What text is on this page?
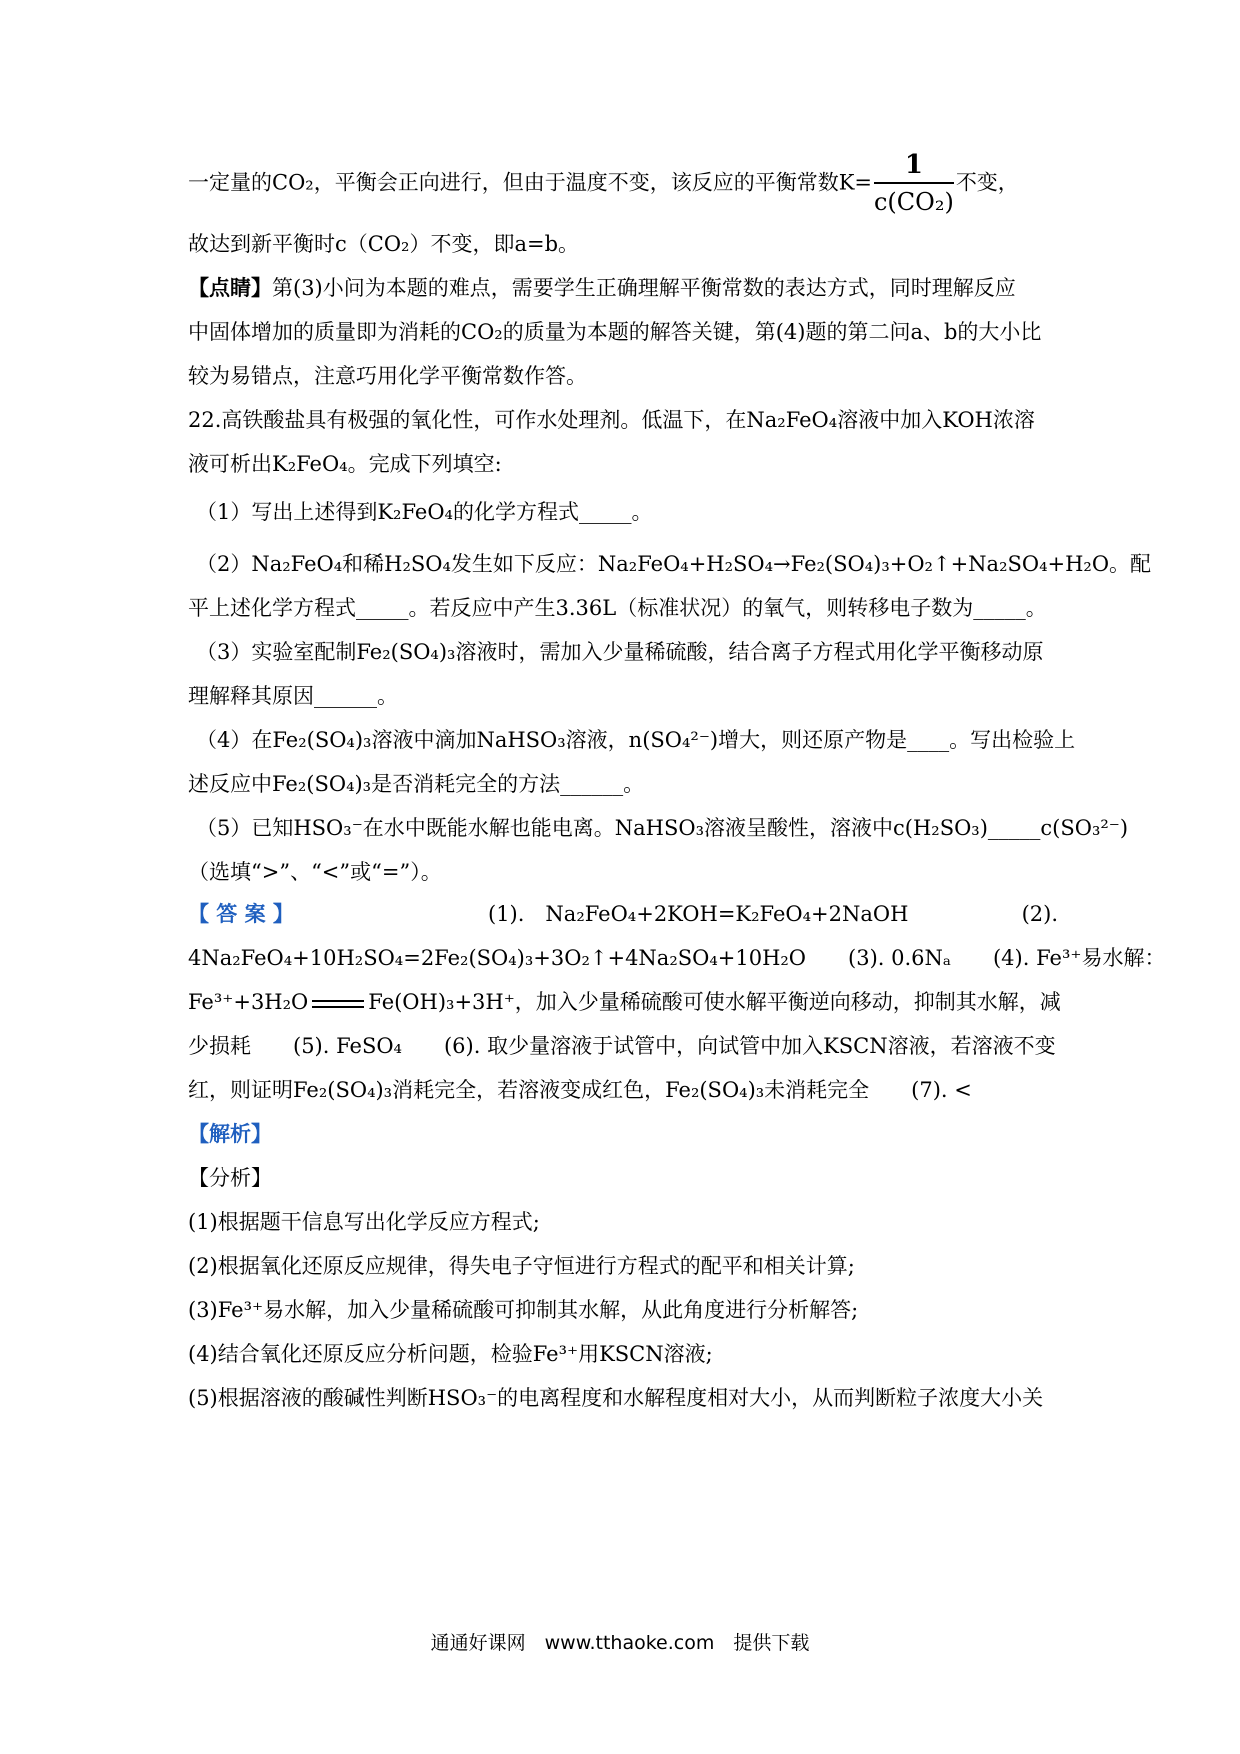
一定量的CO₂，平衡会正向进行，但由于温度不变，该反应的平衡常数$K= \frac{1}{\text{c(CO₂)}}$ 不变，
故达到新平衡时c（CO₂）不变，即a=b。
【点睛】第(3)小问为本题的难点，需要学生正确理解平衡常数的表达方式，同时理解反应
中固体增加的质量即为消耗的CO₂的质量为本题的解答关键，第(4)题的第二问a、b的大小比
较为易错点，注意巧用化学平衡常数作答。
22.高铁酸盐具有极强的氧化性，可作水处理剂。低温下，在Na₂FeO₄溶液中加入KOH浓溶
液可析出K₂FeO₄。完成下列填空:
（1）写出上述得到K₂FeO₄的化学方程式_____。
（2）Na₂FeO₄和稀H₂SO₄发生如下反应：Na₂FeO₄+H₂SO₄→Fe₂(SO₄)₃+O₂↑+Na₂SO₄+H₂O。配
平上述化学方程式_____。若反应中产生3.36L（标准状况）的氧气，则转移电子数为_____。
（3）实验室配制Fe₂(SO₄)₃溶液时，需加入少量稀硫酸，结合离子方程式用化学平衡移动原
理解释其原因______。
（4）在Fe₂(SO₄)₃溶液中滴加NaHSO₃溶液，n(SO₄²⁻)增大，则还原产物是____。写出检验上
述反应中Fe₂(SO₄)₃是否消耗完全的方法______。
（5）已知HSO₃⁻在水中既能水解也能电离。NaHSO₃溶液呈酸性，溶液中c(H₂SO₃)_____c(SO₃²⁻)
（选填“>”、“<”或“=”）。
【 答 案 】	(1).　Na₂FeO₄+2KOH=K₂FeO₄+2NaOH	(2).
4Na₂FeO₄+10H₂SO₄=2Fe₂(SO₄)₃+3O₂↑+4Na₂SO₄+10H₂O　　(3). 0.6Nₐ　　(4). Fe³⁺易水解：
Fe³⁺+3H₂O	Fe(OH)₃+3H⁺，加入少量稀硫酸可使水解平衡逆向移动，抑制其水解，减
少损耗　　(5). FeSO₄　　(6). 取少量溶液于试管中，向试管中加入KSCN溶液，若溶液不变
红，则证明Fe₂(SO₄)₃消耗完全，若溶液变成红色，Fe₂(SO₄)₃未消耗完全　　(7). <
【解析】
【分析】
(1)根据题干信息写出化学反应方程式;
(2)根据氧化还原反应规律，得失电子守恒进行方程式的配平和相关计算;
(3)Fe³⁺易水解，加入少量稀硫酸可抑制其水解，从此角度进行分析解答;
(4)结合氧化还原反应分析问题，检验Fe³⁺用KSCN溶液;
(5)根据溶液的酸碱性判断HSO₃⁻的电离程度和水解程度相对大小，从而判断粒子浓度大小关
通通好课网　www.tthaoke.com　提供下载
